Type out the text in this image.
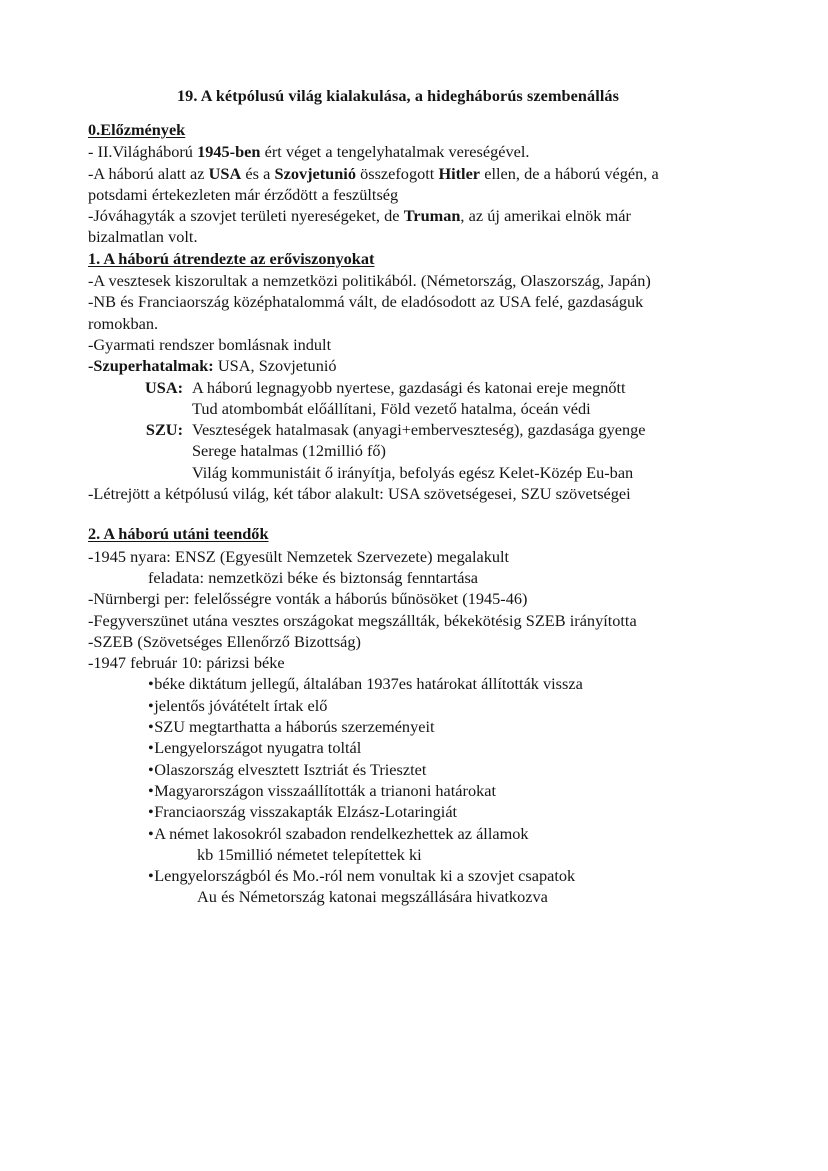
19. A kétpólusú világ kialakulása, a hidegháborús szembenállás
0.Előzmények
- II.Világháború 1945-ben ért véget a tengelyhatalmak vereségével.
-A háború alatt az USA és a Szovjetunió összefogott Hitler ellen, de a háború végén, a
potsdami értekezleten már érződött a feszültség
-Jóváhagyták a szovjet területi nyereségeket, de Truman, az új amerikai elnök már
bizalmatlan volt.
1. A háború átrendezte az erőviszonyokat
-A vesztesek kiszorultak a nemzetközi politikából. (Németország, Olaszország, Japán)
-NB és Franciaország középhatalommá vált, de eladósodott az USA felé, gazdaságuk
romokban.
-Gyarmati rendszer bomlásnak indult
-Szuperhatalmak: USA, Szovjetunió
USA: A háború legnagyobb nyertese, gazdasági és katonai ereje megnőtt
Tud atombombát előállítani, Föld vezető hatalma, óceán védi
SZU: Veszteségek hatalmasak (anyagi+emberveszteség), gazdasága gyenge
Serege hatalmas (12millió fő)
Világ kommunistáit ő irányítja, befolyás egész Kelet-Közép Eu-ban
-Létrejött a kétpólusú világ, két tábor alakult: USA szövetségesei, SZU szövetségei
2. A háború utáni teendők
-1945 nyara: ENSZ (Egyesült Nemzetek Szervezete) megalakult
feladata: nemzetközi béke és biztonság fenntartása
-Nürnbergi per: felelősségre vonták a háborús bűnösöket (1945-46)
-Fegyverszünet utána vesztes országokat megszállták, békekötésig SZEB irányította
-SZEB (Szövetséges Ellenőrző Bizottság)
-1947 február 10: párizsi béke
• béke diktátum jellegű, általában 1937es határokat állították vissza
• jelentős jóvátételt írtak elő
• SZU megtarthatta a háborús szerzeményeit
• Lengyelországot nyugatra toltál
• Olaszország elvesztett Isztriát és Triesztet
• Magyarországon visszaállították a trianoni határokat
• Franciaország visszakapták Elzász-Lotaringiát
• A német lakosokról szabadon rendelkezhettek az államok
kb 15millió németet telepítettek ki
• Lengyelországból és Mo.-ról nem vonultak ki a szovjet csapatok
Au és Németország katonai megszállására hivatkozva
